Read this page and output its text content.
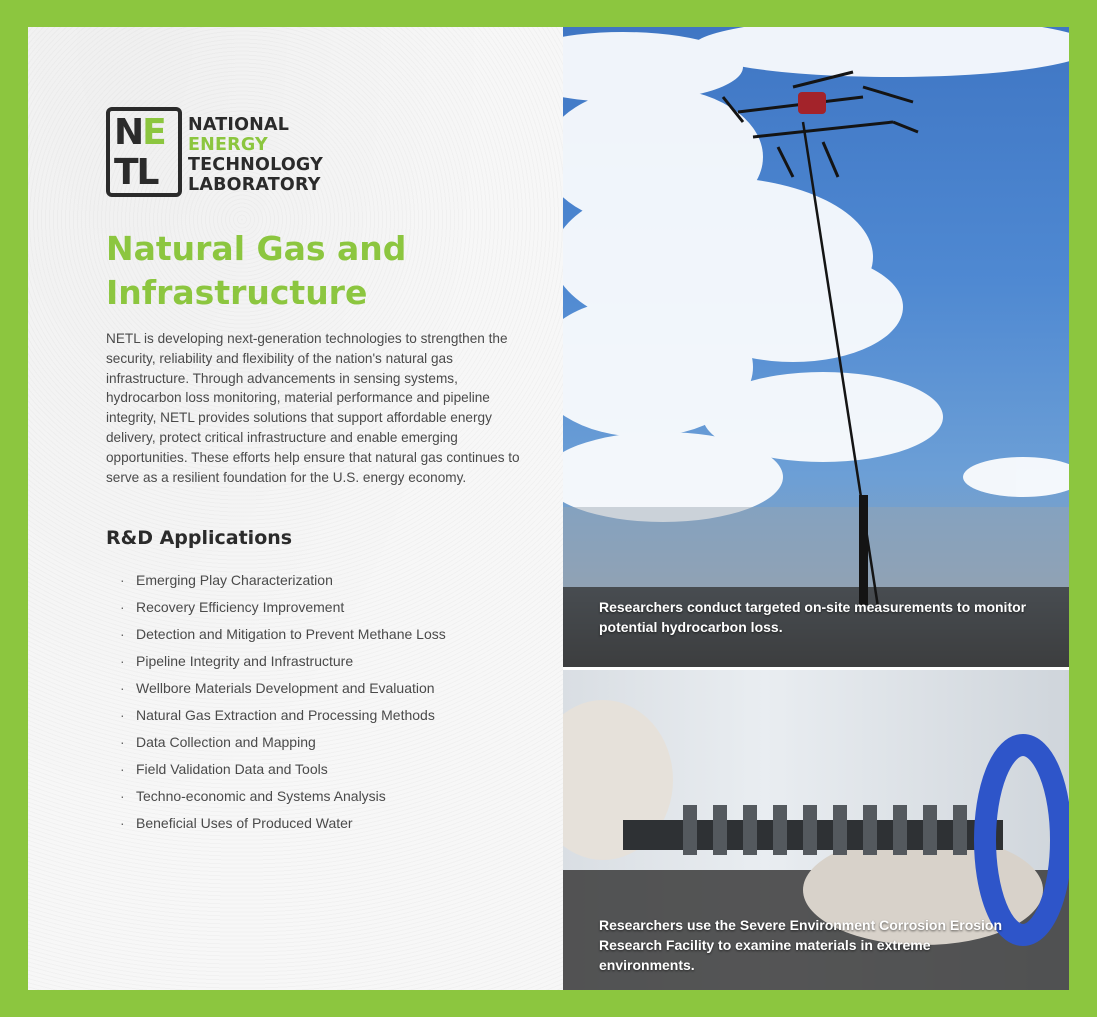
NE
TL
NATIONAL
ENERGY
TECHNOLOGY
LABORATORY
Natural Gas and Infrastructure

NETL is developing next-generation technologies to strengthen the security, reliability and flexibility of the nation's natural gas infrastructure. Through advancements in sensing systems, hydrocarbon loss monitoring, material performance and pipeline integrity, NETL provides solutions that support affordable energy delivery, protect critical infrastructure and enable emerging opportunities. These efforts help ensure that natural gas continues to serve as a resilient foundation for the U.S. energy economy.

R&D Applications
· Emerging Play Characterization
· Recovery Efficiency Improvement
· Detection and Mitigation to Prevent Methane Loss
· Pipeline Integrity and Infrastructure
· Wellbore Materials Development and Evaluation
· Natural Gas Extraction and Processing Methods
· Data Collection and Mapping
· Field Validation Data and Tools
· Techno-economic and Systems Analysis
· Beneficial Uses of Produced Water

Researchers conduct targeted on-site measurements to monitor potential hydrocarbon loss.

Researchers use the Severe Environment Corrosion Erosion Research Facility to examine materials in extreme environments.
